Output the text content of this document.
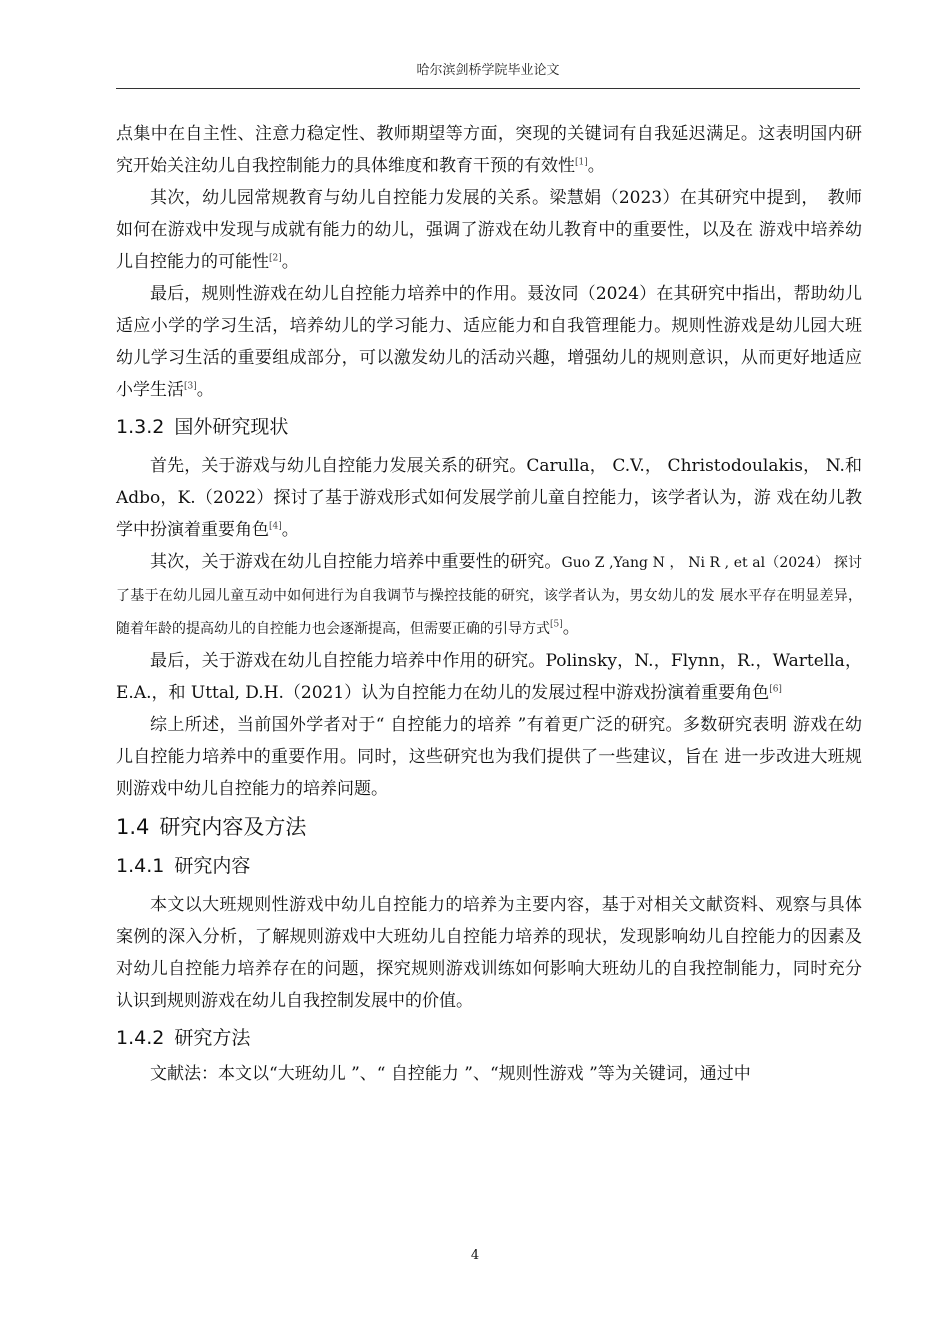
哈尔滨剑桥学院毕业论文

点集中在自主性、注意力稳定性、教师期望等方面，突现的关键词有自我延迟满足。这表明国内研究开始关注幼儿自我控制能力的具体维度和教育干预的有效性[1]。

其次，幼儿园常规教育与幼儿自控能力发展的关系。梁慧娟（2023）在其研究中提到，　教师如何在游戏中发现与成就有能力的幼儿，强调了游戏在幼儿教育中的重要性，以及在 游戏中培养幼儿自控能力的可能性[2]。

最后，规则性游戏在幼儿自控能力培养中的作用。聂汝同（2024）在其研究中指出，帮助幼儿适应小学的学习生活，培养幼儿的学习能力、适应能力和自我管理能力。规则性游戏是幼儿园大班幼儿学习生活的重要组成部分，可以激发幼儿的活动兴趣，增强幼儿的规则意识，从而更好地适应小学生活[3]。

1.3.2 国外研究现状

首先，关于游戏与幼儿自控能力发展关系的研究。Carulla， C.V.， Christodoulakis， N.和 Adbo，K.（2022）探讨了基于游戏形式如何发展学前儿童自控能力，该学者认为，游 戏在幼儿教学中扮演着重要角色[4]。

其次，关于游戏在幼儿自控能力培养中重要性的研究。Guo Z ,Yang N ， Ni R , et al（2024） 探讨了基于在幼儿园儿童互动中如何进行为自我调节与操控技能的研究，该学者认为，男女幼儿的发 展水平存在明显差异，随着年龄的提高幼儿的自控能力也会逐渐提高，但需要正确的引导方式[5]。

最后，关于游戏在幼儿自控能力培养中作用的研究。Polinsky，N.，Flynn，R.，Wartella， E.A.，和 Uttal, D.H.（2021）认为自控能力在幼儿的发展过程中游戏扮演着重要角色[6]

综上所述，当前国外学者对于“ 自控能力的培养 ”有着更广泛的研究。多数研究表明 游戏在幼儿自控能力培养中的重要作用。同时，这些研究也为我们提供了一些建议，旨在 进一步改进大班规则游戏中幼儿自控能力的培养问题。

1.4 研究内容及方法
1.4.1 研究内容

本文以大班规则性游戏中幼儿自控能力的培养为主要内容，基于对相关文献资料、观察与具体案例的深入分析，了解规则游戏中大班幼儿自控能力培养的现状，发现影响幼儿自控能力的因素及对幼儿自控能力培养存在的问题，探究规则游戏训练如何影响大班幼儿的自我控制能力，同时充分认识到规则游戏在幼儿自我控制发展中的价值。

1.4.2 研究方法

文献法：本文以“大班幼儿 ”、“ 自控能力 ”、“规则性游戏 ”等为关键词，通过中

4
